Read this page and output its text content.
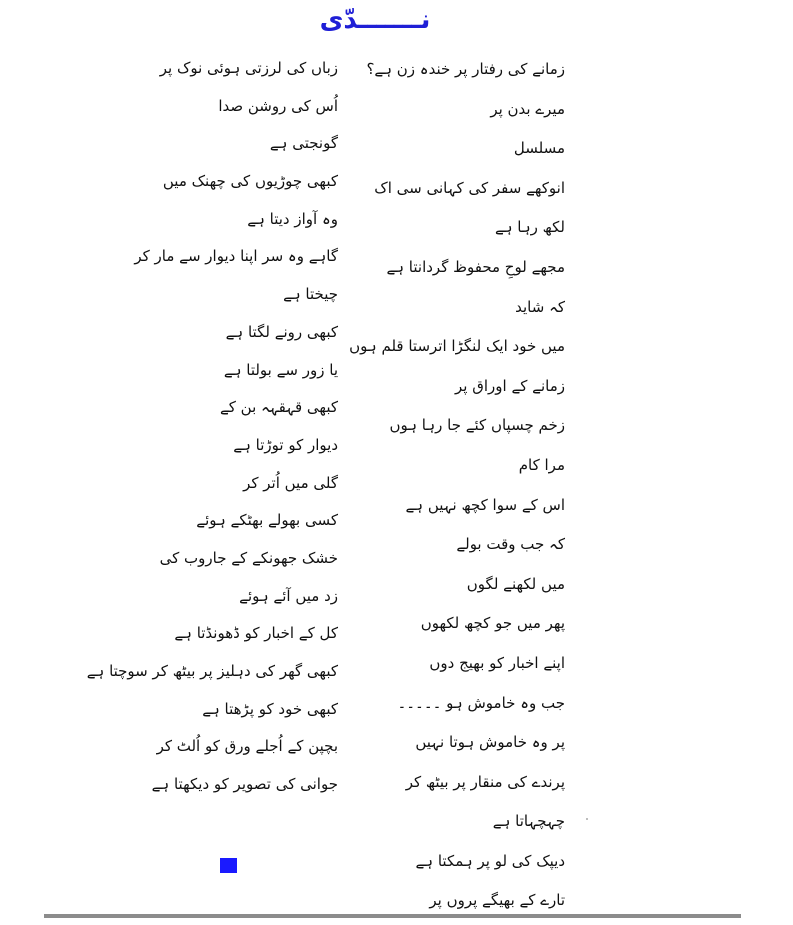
نـــــــدّی
زمانے کی رفتار پر خندہ زن ہے؟
میرے بدن پر
مسلسل
انوکھے سفر کی کہانی سی اک
لکھ رہا ہے
مجھے لوحِ محفوظ گردانتا ہے
کہ شاید
میں خود ایک لنگڑا اترستا قلم ہوں
زمانے کے اوراق پر
زخم چسپاں کئے جا رہا ہوں
مرا کام
اس کے سوا کچھ نہیں ہے
کہ جب وقت بولے
میں لکھنے لگوں
پھر میں جو کچھ لکھوں
اپنے اخبار کو بھیج دوں
جب وہ خاموش ہو ۔۔۔۔۔
پر وہ خاموش ہوتا نہیں
پرندے کی منقار پر بیٹھ کر
چہچہاتا ہے
دیپک کی لو پر ہمکتا ہے
تارے کے بھیگے پروں پر
زباں کی لرزتی ہوئی نوک پر
اُس کی روشن صدا
گونجتی ہے
کبھی چوڑیوں کی چھنک میں
وہ آواز دیتا ہے
گاہے وہ سر اپنا دیوار سے مار کر
چیختا ہے
کبھی رونے لگتا ہے
یا زور سے بولتا ہے
کبھی قہقہہ بن کے
دیوار کو توڑتا ہے
گلی میں اُتر کر
کسی بھولے بھٹکے ہوئے
خشک جھونکے کے جاروب کی
زد میں آئے ہوئے
کل کے اخبار کو ڈھونڈتا ہے
کبھی گھر کی دہلیز پر بیٹھ کر سوچتا ہے
کبھی خود کو پڑھتا ہے
بچپن کے اُجلے ورق کو اُلٹ کر
جوانی کی تصویر کو دیکھتا ہے
